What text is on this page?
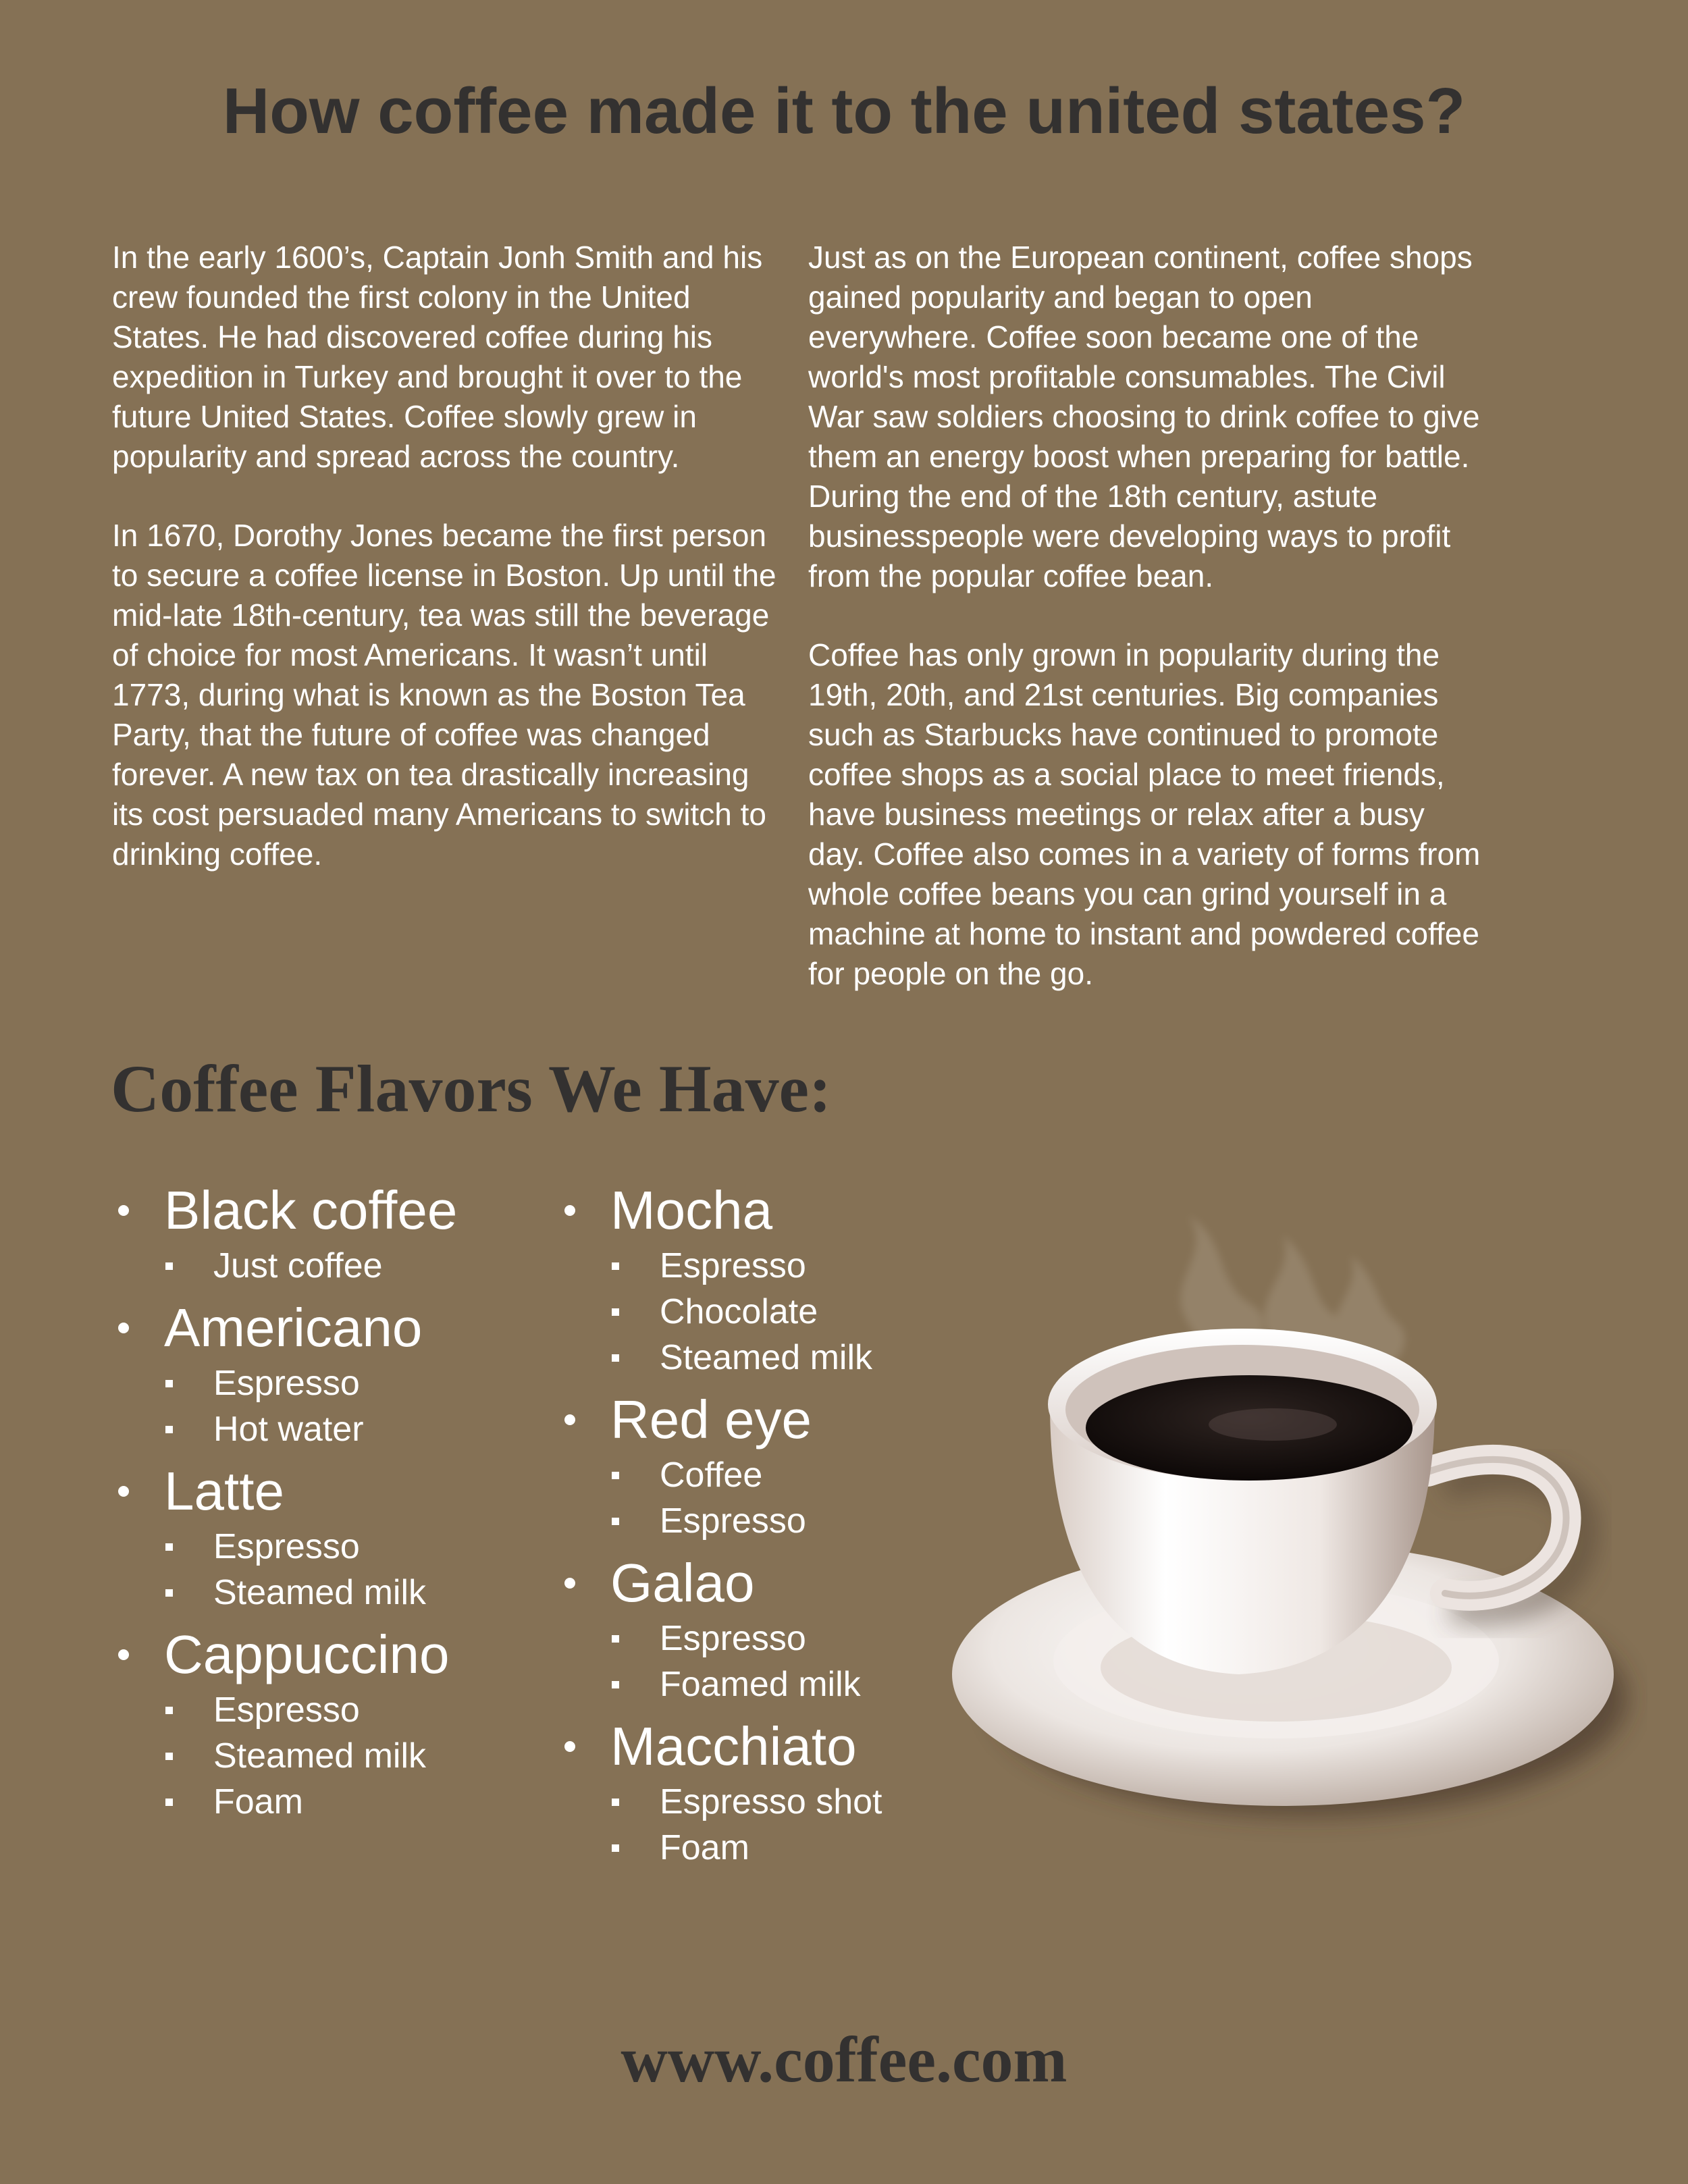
How coffee made it to the united states?

In the early 1600’s, Captain Jonh Smith and his crew founded the first colony in the United States. He had discovered coffee during his expedition in Turkey and brought it over to the future United States. Coffee slowly grew in popularity and spread across the country.

In 1670, Dorothy Jones became the first person to secure a coffee license in Boston. Up until the mid-late 18th-century, tea was still the beverage of choice for most Americans. It wasn’t until 1773, during what is known as the Boston Tea Party, that the future of coffee was changed forever. A new tax on tea drastically increasing its cost persuaded many Americans to switch to drinking coffee.

Just as on the European continent, coffee shops gained popularity and began to open everywhere. Coffee soon became one of the world's most profitable consumables. The Civil War saw soldiers choosing to drink coffee to give them an energy boost when preparing for battle. During the end of the 18th century, astute businesspeople were developing ways to profit from the popular coffee bean.

Coffee has only grown in popularity during the 19th, 20th, and 21st centuries. Big companies such as Starbucks have continued to promote coffee shops as a social place to meet friends, have business meetings or relax after a busy day. Coffee also comes in a variety of forms from whole coffee beans you can grind yourself in a machine at home to instant and powdered coffee for people on the go.

Coffee Flavors We Have:
Black coffee
Just coffee
Americano
Espresso
Hot water
Latte
Espresso
Steamed milk
Cappuccino
Espresso
Steamed milk
Foam
Mocha
Espresso
Chocolate
Steamed milk
Red eye
Coffee
Espresso
Galao
Espresso
Foamed milk
Macchiato
Espresso shot
Foam

www.coffee.com
